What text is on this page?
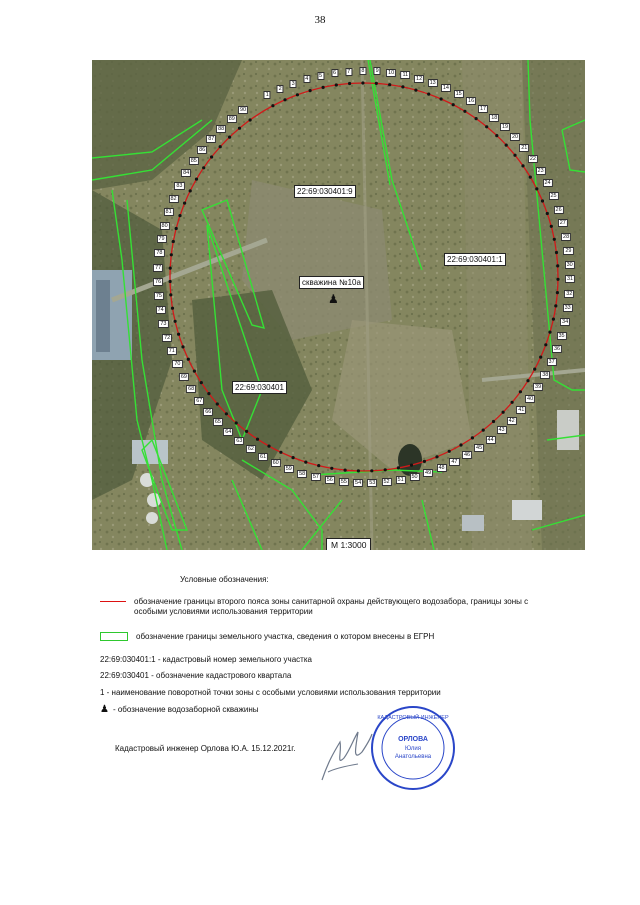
38
1
2
3
4
5	6	7	8	9	10	11
12
13
14
15
16
17
18
19
20
21
22
23
24
25
26
27
28
29
30
31
32
33
34
35
36
37
38
39
40
41
42
43
44
45
46
47
48
49
50
51
52
53
54
55
56
57
58
59
60
61
62
63
64
65
66
67
68
69
70
71
72
73
74
75
76
77
78
79
80
81
82
83
84
85
86
87
88
89
90
22:69:030401:9
22:69:030401:1
22:69:030401
скважина №10а
♟
М 1:3000
Условные обозначения:
обозначение границы второго пояса зоны санитарной охраны действующего водозабора, границы зоны с особыми условиями использования территории
обозначение границы земельного участка, сведения о котором внесены в ЕГРН
22:69:030401:1 - кадастровый номер земельного участка
22:69:030401 - обозначение кадастрового квартала
1 - наименование поворотной точки зоны с особыми условиями использования территории
♟ - обозначение водозаборной скважины
Кадастровый инженер Орлова Ю.А. 15.12.2021г.
КАДАСТРОВЫЙ ИНЖЕНЕР
ОРЛОВА
Юлия
Анатольевна
